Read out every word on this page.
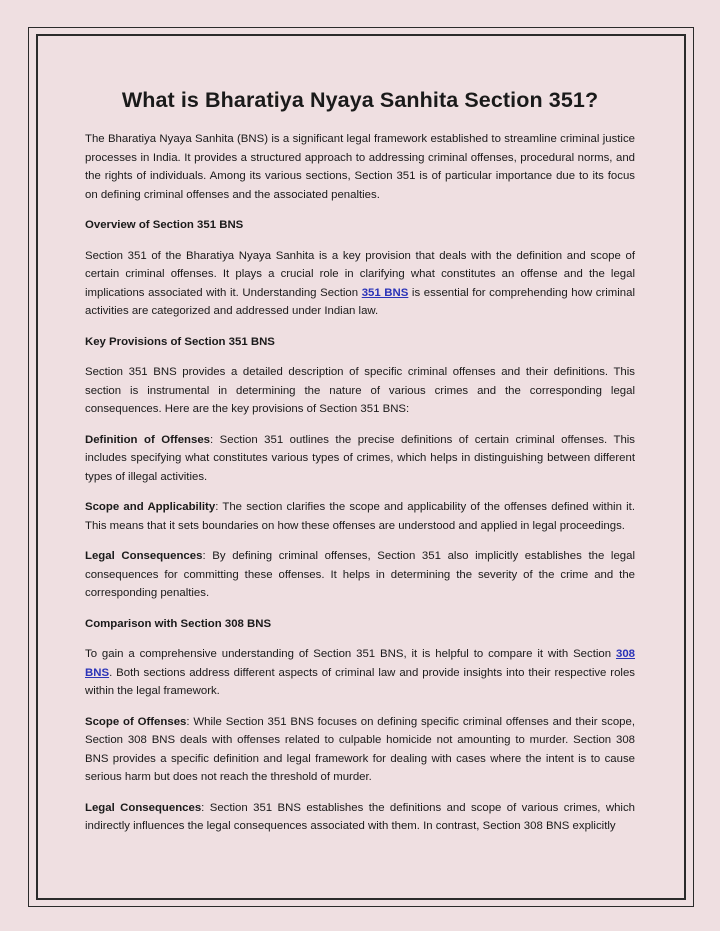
What is Bharatiya Nyaya Sanhita Section 351?

The Bharatiya Nyaya Sanhita (BNS) is a significant legal framework established to streamline criminal justice processes in India. It provides a structured approach to addressing criminal offenses, procedural norms, and the rights of individuals. Among its various sections, Section 351 is of particular importance due to its focus on defining criminal offenses and the associated penalties.

Overview of Section 351 BNS

Section 351 of the Bharatiya Nyaya Sanhita is a key provision that deals with the definition and scope of certain criminal offenses. It plays a crucial role in clarifying what constitutes an offense and the legal implications associated with it. Understanding Section 351 BNS is essential for comprehending how criminal activities are categorized and addressed under Indian law.

Key Provisions of Section 351 BNS

Section 351 BNS provides a detailed description of specific criminal offenses and their definitions. This section is instrumental in determining the nature of various crimes and the corresponding legal consequences. Here are the key provisions of Section 351 BNS:

Definition of Offenses: Section 351 outlines the precise definitions of certain criminal offenses. This includes specifying what constitutes various types of crimes, which helps in distinguishing between different types of illegal activities.

Scope and Applicability: The section clarifies the scope and applicability of the offenses defined within it. This means that it sets boundaries on how these offenses are understood and applied in legal proceedings.

Legal Consequences: By defining criminal offenses, Section 351 also implicitly establishes the legal consequences for committing these offenses. It helps in determining the severity of the crime and the corresponding penalties.

Comparison with Section 308 BNS

To gain a comprehensive understanding of Section 351 BNS, it is helpful to compare it with Section 308 BNS. Both sections address different aspects of criminal law and provide insights into their respective roles within the legal framework.

Scope of Offenses: While Section 351 BNS focuses on defining specific criminal offenses and their scope, Section 308 BNS deals with offenses related to culpable homicide not amounting to murder. Section 308 BNS provides a specific definition and legal framework for dealing with cases where the intent is to cause serious harm but does not reach the threshold of murder.

Legal Consequences: Section 351 BNS establishes the definitions and scope of various crimes, which indirectly influences the legal consequences associated with them. In contrast, Section 308 BNS explicitly
